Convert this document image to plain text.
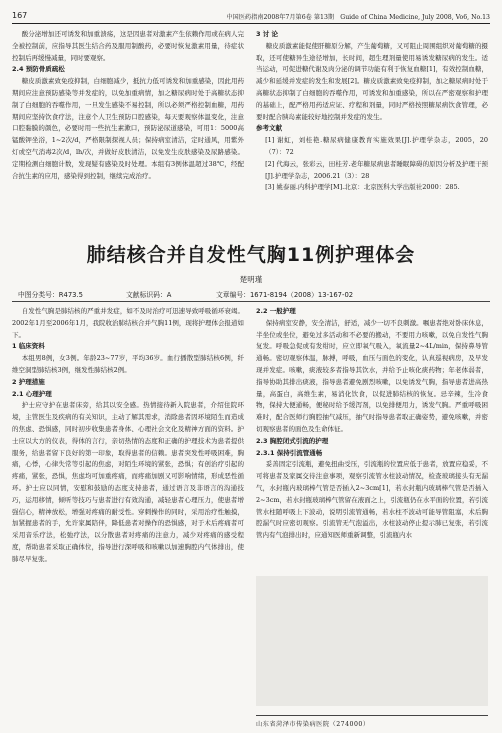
167	中国医药指南2008年7月第6卷 第13期　Guide of China Medicine, July 2008, Vo6, No.13

酸分泌增加还可诱发和加重溃疡，这是因患者对激素产生依赖作用或在病人完全被控制前，应指导其医生结合药及服用制酸药，必要时恢复激素用量，待症状控制后再缓慢减量，同时要观察。

2.4 预防骨质疏松

糖皮质激素致免疫抑制，白细胞减少，抵抗力低可诱发和加重感染，因此用药期间应注意预防感染等并发症的，以免加重病情，加之糖尿病时处于高糖状态抑制了白细胞的吞噬作用，一旦发生感染不易控制，所以必须严格控制血糖，用药期间应坚持饮食疗法，注意个人卫生预防口腔感染，每天要观察体温变化，注意口腔黏膜的颜色，必要时用一些抗生素漱口，预防泌尿道感染，可用1：5000高锰酸钾坐浴，1~2次/d，严格限制探视人员；保持病室清洁，定时通风，用紫外灯或空气消毒2次/d，lh/次，并做好皮肤清洁，以免发生皮肤感染及尿路感染。定期检测白细胞计数，发现疑有感染及时处理。本组有3例体温超过38℃，经配合抗生素的应用，感染得到控制，继续完成治疗。

3 讨 论

糖皮质激素能促使肝糖原分解，产生葡萄糖，又可阻止周围组织对葡萄糖的摄取，还可使糖异生途径增加，长时间，超生理剂量使用易诱发糖尿病的发生。适当运动，可促进糖代谢及肉分泌的调节功能有利于恢复血糖[1]，有效控制血糖，减少和延缓并发症的发生和发展[2]。糖皮质激素致免疫抑制，加之糖尿病时处于高糖状态抑制了白细胞的吞噬作用，可诱发和加重感染，所以在严密观察和护理的基础上，配严格用药适应证、疗程和剂量，同时严格按照糖尿病饮食管理，必要时配合胰岛素能较好地控制并发症的发生。

参考文献

[1] 谢虹，刘桂艳.糖尿病健康教育实施效果[J].护理学杂志，2005，20（7）：72

[2] 代海云，张彩云，田桂芳.老年糖尿病患者睡眠障碍的原因分析及护理干预[J].护理学杂志，2006.21（3）：28

[3] 姚泰丽.内科护理学[M].北京：北京医科大学出版社2000：285.

肺结核合并自发性气胸11例护理体会
楚明瑾
中图分类号：R473.5	文献标识码：A	文章编号：1671-8194（2008）13-167-02

自发性气胸是肺结核的严重并发症，如不及时治疗可迅速导致呼吸循环衰竭。2002年1月至2006年1月，我院收治肺结核合并气胸11例，现将护理体会报道如下。

1 临床资料

本组男8例，女3例。年龄23~77岁，平均36岁。血行播散型肺结核6例，纤维空洞型肺结核3例，继发性肺结核2例。

2 护理措施

2.1 心理护理

护士应守护在患者床旁，给其以安全感。热情接待新入院患者，介绍住院环境，主管医生及疾病的有关知识，主动了解其需求，消除患者因环境陌生而造成的焦虑、恐惧感，同时初步收集患者身体、心理社会文化及精神方面的资料。护士应以大方的仪表，得体的言行，亲切热情的态度和正确的护理技术为患者提供服务，给患者留下良好的第一印象，取得患者的信赖。患者突发性呼吸困难，胸痛，心悸，心律失常等引起的焦虑，对陌生环境的紧张，恐惧；有创治疗引起的疼痛，紧张，恐惧，焦虑均可加重疼痛，而疼痛加剧又可影响情绪，形成恶性循环。护士应以同情，安慰和鼓励的态度支持患者，通过语言及非语言的沟通技巧，运用移情，倾听等技巧与患者进行有效沟通，减轻患者心理压力，使患者增强信心，精神放松，增强对疼痛的耐受性。穿刺操作的同时，采用治疗性触摸，加紧握患者的手，允许家属陪伴，降低患者对操作的恐惧感，对于术后疼痛者可采用音乐疗法，松弛疗法，以分散患者对疼痛的注意力，减少对疼痛的感受程度，帮助患者采取正确体位，指导进行深呼吸和咳嗽以加速胸腔内气体排出，使肺尽早复张。

2.2 一般护理

保持病室安静，安全清洁，舒适，减少一切不良刺激。嘱患者绝对卧床休息，半坐位或坐位，避免过多活动和不必要的搬动，不要用力咳嗽，以免自发性气胸复发。呼吸急促或有发绀时，应立即氧气吸入，氧流量2~4L/min，保持鼻导管通畅。密切观察体温，脉搏，呼吸，血压与面色的变化，认真巡视病房，及早发现并发症。咳嗽，痰液较多者指导其饮水，并给予止咳化痰药物；年老体弱者，指导协助其排出痰液，指导患者避免剧烈咳嗽，以免诱发气胸，指导患者进高热量，高蛋白，高维生素，易消化饮食，以促进肺结核的恢复。忌辛辣，生冷食物，保持大便通畅，便秘时给予缓泻剂，以免排便用力，诱发气胸。严重呼吸困难时，配合医师行胸腔抽气减压，抽气时指导患者取正确姿势，避免咳嗽，并密切观察患者的面色及生命体征。

2.3 胸腔闭式引流的护理

2.3.1 保持引流管通畅

妥善固定引流瓶，避免扭曲受压，引流瓶的位置应低于患者，放置应稳妥，不可将患者及家属交待注意事项，观察引流管水柱波动情况，检查玻璃接头有无漏气，水封瓶内玻璃棒气管是否插入2~3cm[1]，若水封瓶内玻璃棒气管是否插入2~3cm，若水封瓶玻璃棒气管留在液面之上，引流瓶仍在水平面的位置，若引流管水柱随呼吸上下波动，说明引流管通畅，若水柱不波动可能导管阻塞，术后胸腔漏气时应密切观察。引流管无气泡溢出，水柱波动停止提示肺已复张，若引流管内有气泡排出时，应通知医师重新调整，引流瓶内水

山东省菏泽市传染病医院（274000）
